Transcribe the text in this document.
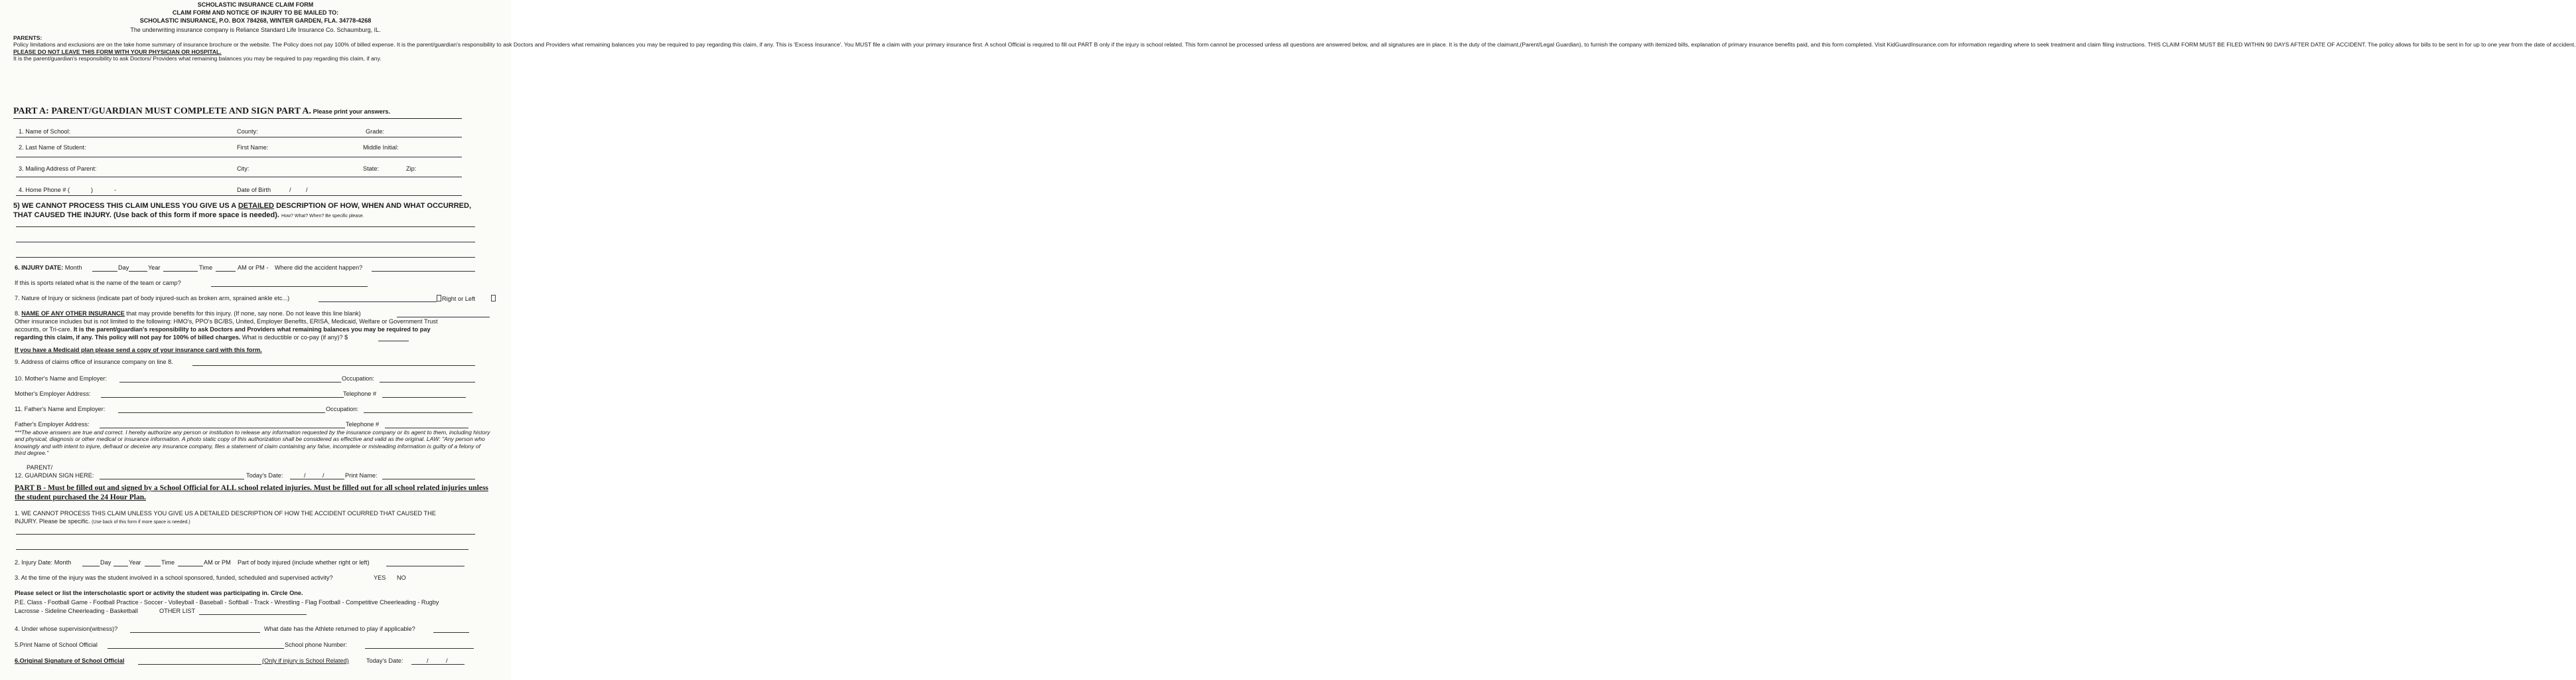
SCHOLASTIC INSURANCE CLAIM FORM
CLAIM FORM AND NOTICE OF INJURY TO BE MAILED TO:
SCHOLASTIC INSURANCE, P.O. BOX 784268, WINTER GARDEN, FLA. 34778-4268
The underwriting insurance company is Reliance Standard Life Insurance Co. Schaumburg, IL.
PARENTS: Policy limitations and exclusions are on the take home summary of insurance brochure or the website. The Policy does not pay 100% of billed expense. It is the parent/guardian's responsibility to ask Doctors and Providers what remaining balances you may be required to pay regarding this claim, if any. This is 'Excess Insurance'. You MUST file a claim with your primary insurance first. A school Official is required to fill out PART B only if the injury is school related. This form cannot be processed unless all questions are answered below, and all signatures are in place. It is the duty of the claimant,(Parent/Legal Guardian), to furnish the company with itemized bills, explanation of primary insurance benefits paid, and this form completed. Visit KidGuardInsurance.com for information regarding where to seek treatment and claim filing instructions. THIS CLAIM FORM MUST BE FILED WITHIN 90 DAYS AFTER DATE OF ACCIDENT. The policy allows for bills to be sent in for up to one year from the date of accident. PLEASE DO NOT LEAVE THIS FORM WITH YOUR PHYSICIAN OR HOSPITAL. It is the parent/guardian's responsibility to ask Doctors/ Providers what remaining balances you may be required to pay regarding this claim, if any.
PART A: PARENT/GUARDIAN MUST COMPLETE AND SIGN PART A. Please print your answers.
1. Name of School:	County:	Grade:
2. Last Name of Student:	First Name:	Middle Initial:
3. Mailing Address of Parent:	City:	State:	Zip:
4. Home Phone # (	)	-	Date of Birth	/ /
5) WE CANNOT PROCESS THIS CLAIM UNLESS YOU GIVE US A DETAILED DESCRIPTION OF HOW, WHEN AND WHAT OCCURRED,
THAT CAUSED THE INJURY. (Use back of this form if more space is needed). How? What? When? Be specific please.
6. INJURY DATE: Month	Day	Year	Time	AM or PM - Where did the accident happen?
If this is sports related what is the name of the team or camp?
7. Nature of Injury or sickness (indicate part of body injured-such as broken arm, sprained ankle etc...)	Right or Left
8. NAME OF ANY OTHER INSURANCE that may provide benefits for this injury. (If none, say none. Do not leave this line blank)
Other insurance includes but is not limited to the following: HMO's, PPO's BC/BS, United, Employer Benefits, ERISA, Medicaid, Welfare or Government Trust
accounts, or Tri-care. It is the parent/guardian's responsibility to ask Doctors and Providers what remaining balances you may be required to pay
regarding this claim, if any. This policy will not pay for 100% of billed charges. What is deductible or co-pay (if any)? $
If you have a Medicaid plan please send a copy of your insurance card with this form.
9. Address of claims office of insurance company on line 8.
10. Mother's Name and Employer:	Occupation:
Mother's Employer Address:	Telephone #
11. Father's Name and Employer:	Occupation:
Father's Employer Address:	Telephone #
***The above answers are true and correct. I hereby authorize any person or institution to release any information requested by the insurance company or its agent to them, including history and physical, diagnosis or other medical or insurance information. A photo static copy of this authorization shall be considered as effective and valid as the original. LAW: "Any person who knowingly and with intent to injure, defraud or deceive any insurance company, files a statement of claim containing any false, incomplete or misleading information is guilty of a felony of third degree."
PARENT/
12. GUARDIAN SIGN HERE:	Today's Date:	/	/	Print Name:
PART B - Must be filled out and signed by a School Official for ALL school related injuries. Must be filled out for all school related injuries unless the student purchased the 24 Hour Plan.
1. WE CANNOT PROCESS THIS CLAIM UNLESS YOU GIVE US A DETAILED DESCRIPTION OF HOW THE ACCIDENT OCURRED THAT CAUSED THE
INJURY. Please be specific. (Use back of this form if more space is needed.)
2. Injury Date: Month	Day	Year	Time	AM or PM Part of body injured (include whether right or left)
3. At the time of the injury was the student involved in a school sponsored, funded, scheduled and supervised activity?	YES NO
Please select or list the interscholastic sport or activity the student was participating in. Circle One.
P.E. Class - Football Game - Football Practice - Soccer - Volleyball - Baseball - Softball - Track - Wrestling - Flag Football - Competitive Cheerleading - Rugby
Lacrosse - Sideline Cheerleading - Basketball	OTHER LIST
4. Under whose supervision(witness)?	What date has the Athlete returned to play if applicable?
5.Print Name of School Official	School phone Number:
6.Original Signature of School Official	(Only if injury is School Related)	Today's Date:	/	/
